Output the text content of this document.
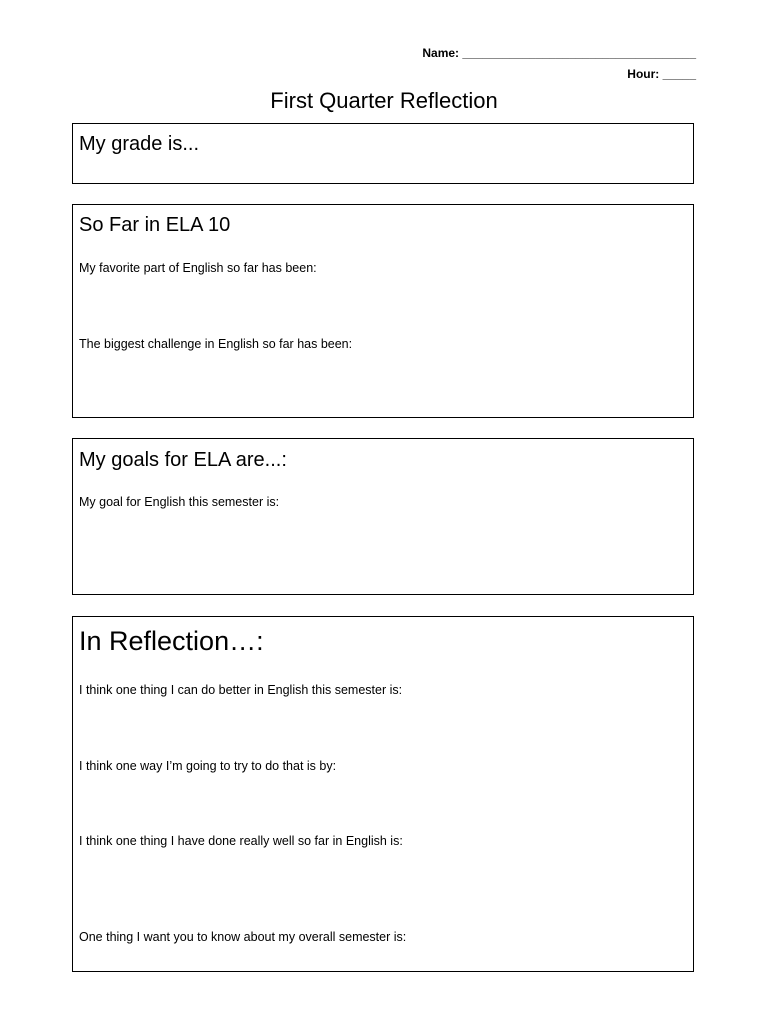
Name: ___________________________________
Hour: _____
First Quarter Reflection
My grade is...
So Far in ELA 10
My favorite part of English so far has been:
The biggest challenge in English so far has been:
My goals for ELA are...:
My goal for English this semester is:
In Reflection…:
I think one thing I can do better in English this semester is:
I think one way I’m going to try to do that is by:
I think one thing I have done really well so far in English is:
One thing I want you to know about my overall semester is:
